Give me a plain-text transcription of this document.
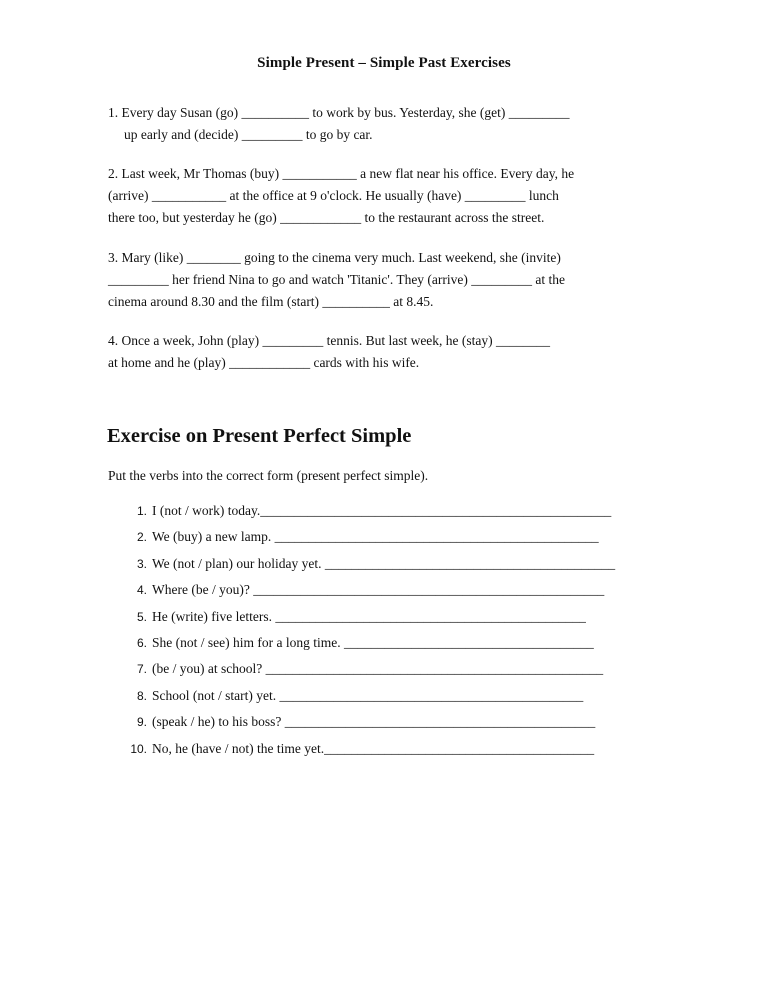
Simple Present – Simple Past Exercises
1. Every day Susan (go) __________ to work by bus. Yesterday, she (get) _________
up early and (decide) _________ to go by car.
2. Last week, Mr Thomas (buy) ___________ a new flat near his office. Every day, he
(arrive) ___________ at the office at 9 o'clock. He usually (have) _________ lunch
there too, but yesterday he (go) ____________ to the restaurant across the street.
3. Mary (like) ________ going to the cinema very much. Last weekend, she (invite)
_________ her friend Nina to go and watch 'Titanic'. They (arrive) _________ at the
cinema around 8.30 and the film (start) __________ at 8.45.
4. Once a week, John (play) _________ tennis. But last week, he (stay) ________
at home and he (play) ____________ cards with his wife.
Exercise on Present Perfect Simple
Put the verbs into the correct form (present perfect simple).
1. I (not / work) today.____________________________________________________
2. We (buy) a new lamp. ________________________________________________
3. We (not / plan) our holiday yet. ___________________________________________
4. Where (be / you)? ____________________________________________________
5. He (write) five letters. ______________________________________________
6. She (not / see) him for a long time. _____________________________________
7. (be / you) at school? __________________________________________________
8. School (not / start) yet. _____________________________________________
9. (speak / he) to his boss? ______________________________________________
10. No, he (have / not) the time yet.________________________________________
